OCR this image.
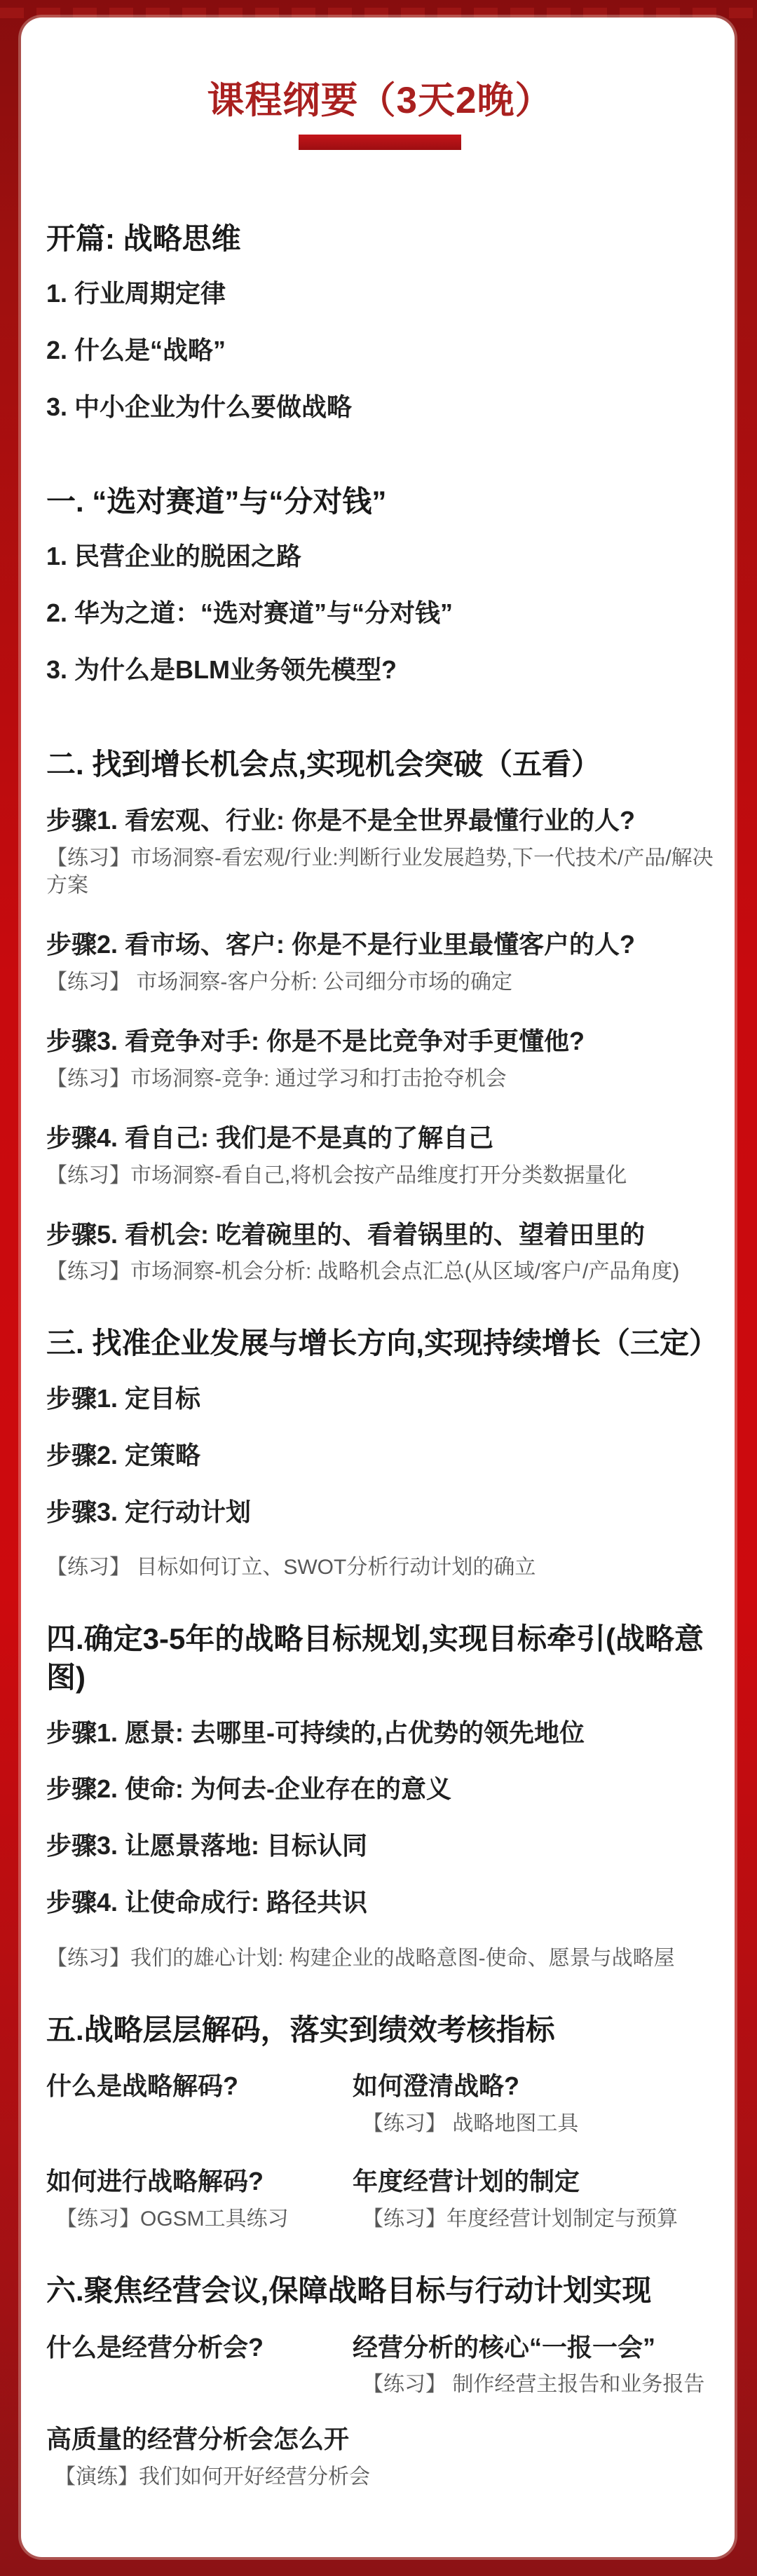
课程纲要（3天2晚）
开篇: 战略思维

1. 行业周期定律

2. 什么是“战略”

3. 中小企业为什么要做战略

一. “选对赛道”与“分对钱”

1. 民营企业的脱困之路

2. 华为之道：“选对赛道”与“分对钱”

3. 为什么是BLM业务领先模型?

二. 找到增长机会点,实现机会突破（五看）

步骤1. 看宏观、行业: 你是不是全世界最懂行业的人?

【练习】市场洞察-看宏观/行业:判断行业发展趋势,下一代技术/产品/解决方案

步骤2. 看市场、客户: 你是不是行业里最懂客户的人?

【练习】 市场洞察-客户分析: 公司细分市场的确定

步骤3. 看竞争对手: 你是不是比竞争对手更懂他?

【练习】市场洞察-竞争: 通过学习和打击抢夺机会

步骤4. 看自己: 我们是不是真的了解自己

【练习】市场洞察-看自己,将机会按产品维度打开分类数据量化

步骤5. 看机会: 吃着碗里的、看着锅里的、望着田里的

【练习】市场洞察-机会分析: 战略机会点汇总(从区域/客户/产品角度)

三. 找准企业发展与增长方向,实现持续增长（三定）

步骤1. 定目标

步骤2. 定策略

步骤3. 定行动计划

【练习】 目标如何订立、SWOT分析行动计划的确立

四.确定3-5年的战略目标规划,实现目标牵引(战略意图)

步骤1. 愿景: 去哪里-可持续的,占优势的领先地位

步骤2. 使命: 为何去-企业存在的意义

步骤3. 让愿景落地: 目标认同

步骤4. 让使命成行: 路径共识

【练习】我们的雄心计划: 构建企业的战略意图-使命、愿景与战略屋

五.战略层层解码，落实到绩效考核指标

什么是战略解码?	如何澄清战略?

【练习】 战略地图工具

如何进行战略解码?

【练习】OGSM工具练习

年度经营计划的制定

【练习】年度经营计划制定与预算

六.聚焦经营会议,保障战略目标与行动计划实现

什么是经营分析会?	经营分析的核心“一报一会”

【练习】 制作经营主报告和业务报告

高质量的经营分析会怎么开

【演练】我们如何开好经营分析会
